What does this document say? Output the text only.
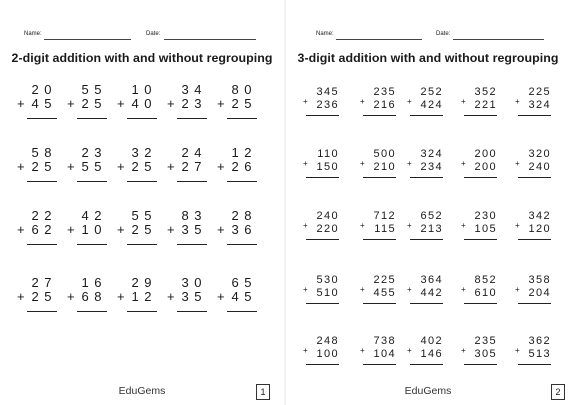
Name:	Date:
2-digit addition with and without regrouping
20
+ 45
55
+ 25
10
+ 40
34
+ 23
80
+ 25
58
+ 25
23
+ 55
32
+ 25
24
+ 27
12
+ 26
22
+ 62
42
+ 10
55
+ 25
83
+ 35
28
+ 36
27
+ 25
16
+ 68
29
+ 12
30
+ 35
65
+ 45
EduGems	1
Name:	Date:
3-digit addition with and without regrouping
345
+ 236
235
+ 216
252
+ 424
352
+ 221
225
+ 324
110
+ 150
500
+ 210
324
+ 234
200
+ 200
320
+ 240
240
+ 220
712
+ 115
652
+ 213
230
+ 105
342
+ 120
530
+ 510
225
+ 455
364
+ 442
852
+ 610
358
+ 204
248
+ 100
738
+ 104
402
+ 146
235
+ 305
362
+ 513
EduGems	2
